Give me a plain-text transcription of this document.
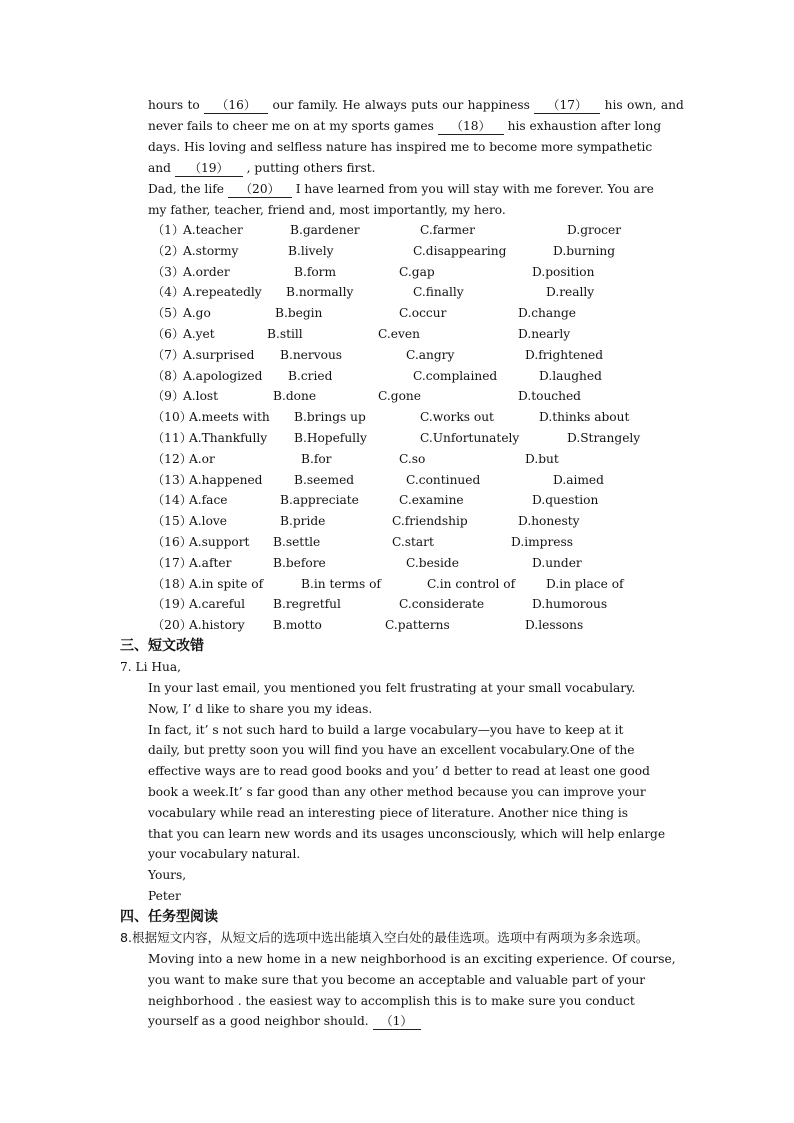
hours to （16） our family. He always puts our happiness （17） his own, and
never fails to cheer me on at my sports games （18） his exhaustion after long
days. His loving and selfless nature has inspired me to become more sympathetic
and （19） , putting others first.
Dad, the life （20） I have learned from you will stay with me forever. You are
my father, teacher, friend and, most importantly, my hero.
（1）
A.teacher	B.gardener	C.farmer	D.grocer
（2）
A.stormy	B.lively	C.disappearing	D.burning
（3）
A.order	B.form	C.gap	D.position
（4）
A.repeatedly B.normally	C.finally	D.really
（5）
A.go	B.begin	C.occur	D.change
（6）
A.yet	B.still	C.even	D.nearly
（7）
A.surprised B.nervous	C.angry	D.frightened
（8）
A.apologized B.cried	C.complained	D.laughed
（9）
A.lost	B.done	C.gone	D.touched
（10）
A.meets with B.brings up	C.works out	D.thinks about
（11）
A.Thankfully B.Hopefully	C.Unfortunately	D.Strangely
（12）
A.or	B.for	C.so	D.but
（13）
A.happened	B.seemed	C.continued	D.aimed
（14）
A.face	B.appreciate	C.examine	D.question
（15）
A.love	B.pride	C.friendship	D.honesty
（16）
A.support B.settle	C.start	D.impress
（17）
A.after	B.before	C.beside	D.under
（18）
A.in spite of	B.in terms of	C.in control of	D.in place of
（19）
A.careful B.regretful	C.considerate	D.humorous
（20）
A.history B.motto	C.patterns	D.lessons
三、短文改错
7. Li Hua,
In your last email, you mentioned you felt frustrating at your small vocabulary.
Now, I’ d like to share you my ideas.
In fact, it’ s not such hard to build a large vocabulary—you have to keep at it
daily, but pretty soon you will find you have an excellent vocabulary.One of the
effective ways are to read good books and you’ d better to read at least one good
book a week.It’ s far good than any other method because you can improve your
vocabulary while read an interesting piece of literature. Another nice thing is
that you can learn new words and its usages unconsciously, which will help enlarge
your vocabulary natural.
Yours,
Peter
四、任务型阅读
8.根据短文内容，从短文后的选项中选出能填入空白处的最佳选项。选项中有两项为多余选项。
Moving into a new home in a new neighborhood is an exciting experience. Of course,
you want to make sure that you become an acceptable and valuable part of your
neighborhood . the easiest way to accomplish this is to make sure you conduct
yourself as a good neighbor should. （1）
